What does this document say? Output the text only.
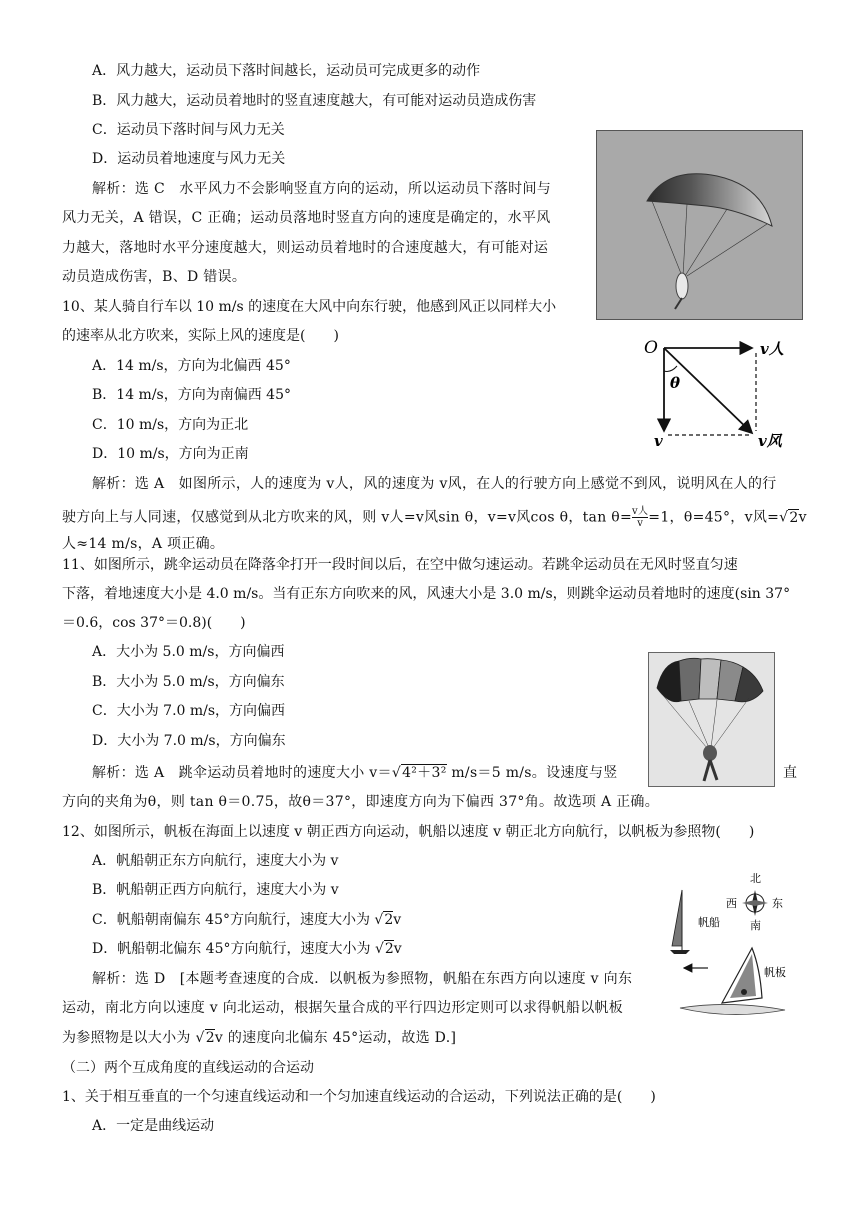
A．风力越大，运动员下落时间越长，运动员可完成更多的动作
B．风力越大，运动员着地时的竖直速度越大，有可能对运动员造成伤害
C．运动员下落时间与风力无关
D．运动员着地速度与风力无关
解析：选 C　水平风力不会影响竖直方向的运动，所以运动员下落时间与
风力无关，A 错误，C 正确；运动员落地时竖直方向的速度是确定的，水平风
力越大，落地时水平分速度越大，则运动员着地时的合速度越大，有可能对运
动员造成伤害，B、D 错误。
10、某人骑自行车以 10 m/s 的速度在大风中向东行驶，他感到风正以同样大小
的速率从北方吹来，实际上风的速度是(　　)
A．14 m/s，方向为北偏西 45°
B．14 m/s，方向为南偏西 45°
C．10 m/s，方向为正北
D．10 m/s，方向为正南
O	v人
θ
v	v风
解析：选 A　如图所示，人的速度为 v人，风的速度为 v风，在人的行驶方向上感觉不到风，说明风在人的行
驶方向上与人同速，仅感觉到从北方吹来的风，则 v人=v风sin θ，v=v风cos θ，tan θ= v人
v =1，θ=45°，v风=√2v
人≈14 m/s，A 项正确。
11、如图所示，跳伞运动员在降落伞打开一段时间以后，在空中做匀速运动。若跳伞运动员在无风时竖直匀速
下落，着地速度大小是 4.0 m/s。当有正东方向吹来的风，风速大小是 3.0 m/s，则跳伞运动员着地时的速度(sin 37°
＝0.6，cos 37°＝0.8)(　　)
A．大小为 5.0 m/s，方向偏西
B．大小为 5.0 m/s，方向偏东
C．大小为 7.0 m/s，方向偏西
D．大小为 7.0 m/s，方向偏东
解析：选 A　跳伞运动员着地时的速度大小 v＝√4²＋3² m/s＝5 m/s。设速度与竖	直
方向的夹角为θ，则 tan θ＝0.75，故θ＝37°，即速度方向为下偏西 37°角。故选项 A 正确。
12、如图所示，帆板在海面上以速度 v 朝正西方向运动，帆船以速度 v 朝正北方向航行，以帆板为参照物(　　)
A．帆船朝正东方向航行，速度大小为 v
B．帆船朝正西方向航行，速度大小为 v
C．帆船朝南偏东 45°方向航行，速度大小为 √2v
D．帆船朝北偏东 45°方向航行，速度大小为 √2v
解析：选 D　[本题考查速度的合成．以帆板为参照物，帆船在东西方向以速度 v 向东
运动，南北方向以速度 v 向北运动，根据矢量合成的平行四边形定则可以求得帆船以帆板
为参照物是以大小为 √2v 的速度向北偏东 45°运动，故选 D.]
北
西	东
南
帆船
帆板
（二）两个互成角度的直线运动的合运动
1、关于相互垂直的一个匀速直线运动和一个匀加速直线运动的合运动，下列说法正确的是(　　)
A．一定是曲线运动
